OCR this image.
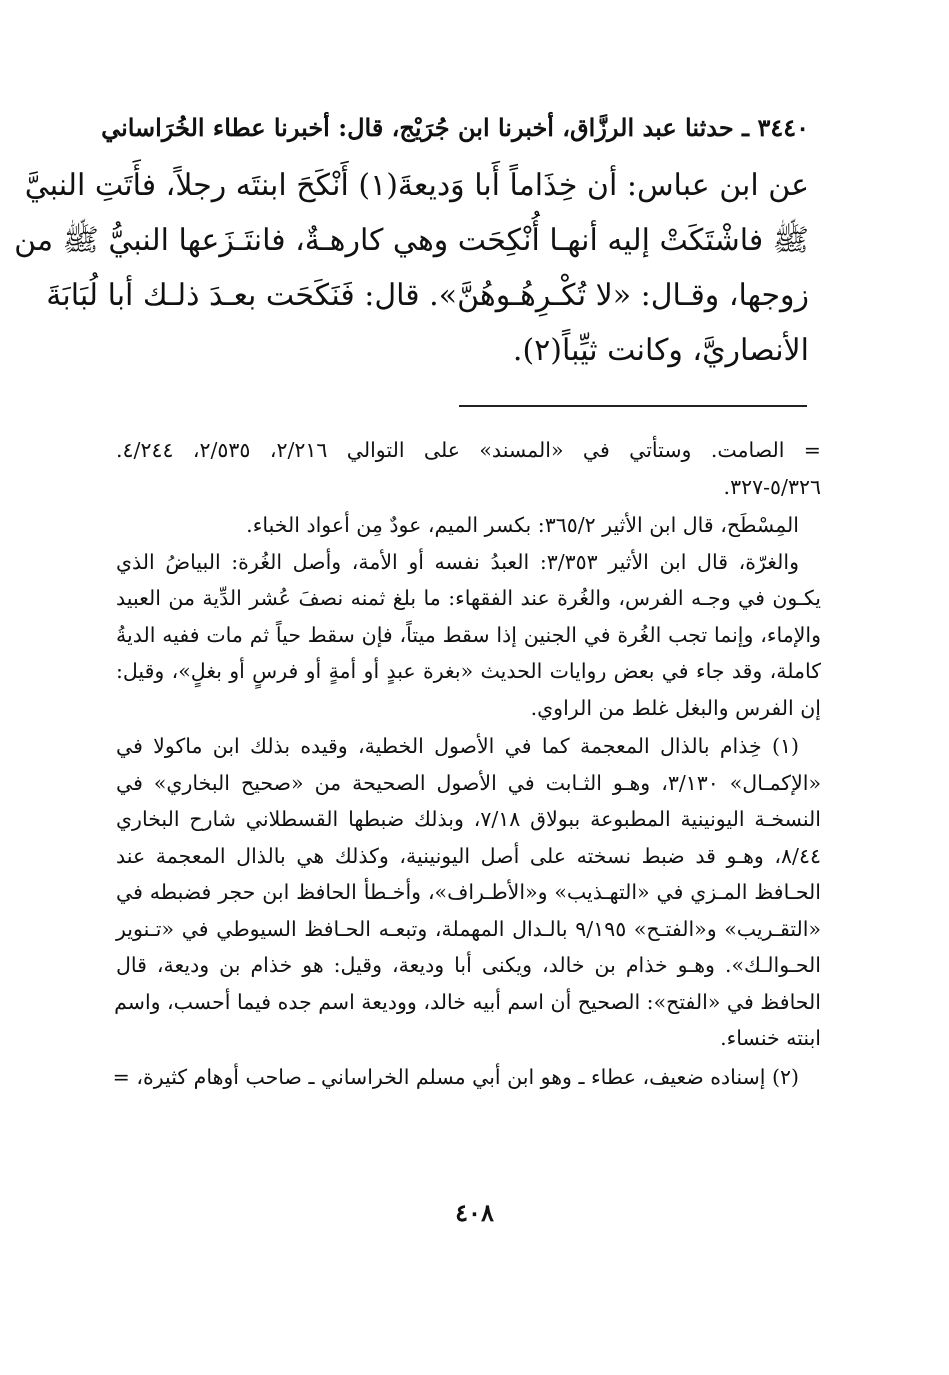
٣٤٤٠ ـ حدثنا عبد الرزَّاق، أخبرنا ابن جُرَيْج، قال: أخبرنا عطاء الخُرَاساني

عن ابن عباس: أن خِذَاماً أَبا وَديعةَ(١) أَنْكَحَ ابنتَه رجلاً، فأَتَتِ النبيَّ

ﷺ فاشْتَكَتْ إليه أنهـا أُنْكِحَت وهي كارهـةٌ، فانتَـزَعها النبيُّ ﷺ من

زوجها، وقـال: «لا تُكْـرِهُـوهُنَّ». قال: فَنَكَحَت بعـدَ ذلـك أبا لُبَابَةَ

الأنصاريَّ، وكانت ثيِّباً(٢).

= الصامت. وستأتي في «المسند» على التوالي ٢/٢١٦، ٢/٥٣٥، ٤/٢٤٤.
٥/٣٢٦-٣٢٧.

المِسْطَح، قال ابن الأثير ٣٦٥/٢: بكسر الميم، عودٌ مِن أعواد الخباء.

والغرّة، قال ابن الأثير ٣/٣٥٣: العبدُ نفسه أو الأمة، وأصل الغُرة: البياضُ الذي
يكـون في وجـه الفرس، والغُرة عند الفقهاء: ما بلغ ثمنه نصفَ عُشر الدِّية من العبيد
والإماء، وإنما تجب الغُرة في الجنين إذا سقط ميتاً، فإن سقط حياً ثم مات ففيه الديةُ
كاملة، وقد جاء في بعض روايات الحديث «بغرة عبدٍ أو أمةٍ أو فرسٍ أو بغلٍ»، وقيل:
إن الفرس والبغل غلط من الراوي.

(١) خِذام بالذال المعجمة كما في الأصول الخطية، وقيده بذلك ابن ماكولا في
«الإكمـال» ٣/١٣٠، وهـو الثـابت في الأصول الصحيحة من «صحيح البخاري» في
النسخـة اليونينية المطبوعة ببولاق ٧/١٨، وبذلك ضبطها القسطلاني شارح البخاري
٨/٤٤، وهـو قد ضبط نسخته على أصل اليونينية، وكذلك هي بالذال المعجمة عند
الحـافظ المـزي في «التهـذيب» و«الأطـراف»، وأخـطأ الحافظ ابن حجر فضبطه في
«التقـريب» و«الفتـح» ٩/١٩٥ بالـدال المهملة، وتبعـه الحـافظ السيوطي في «تـنوير
الحـوالـك». وهـو خذام بن خالد، ويكنى أبا وديعة، وقيل: هو خذام بن وديعة، قال
الحافظ في «الفتح»: الصحيح أن اسم أبيه خالد، ووديعة اسم جده فيما أحسب، واسم
ابنته خنساء.

(٢) إسناده ضعيف، عطاء ـ وهو ابن أبي مسلم الخراساني ـ صاحب أوهام كثيرة، =

٤٠٨
